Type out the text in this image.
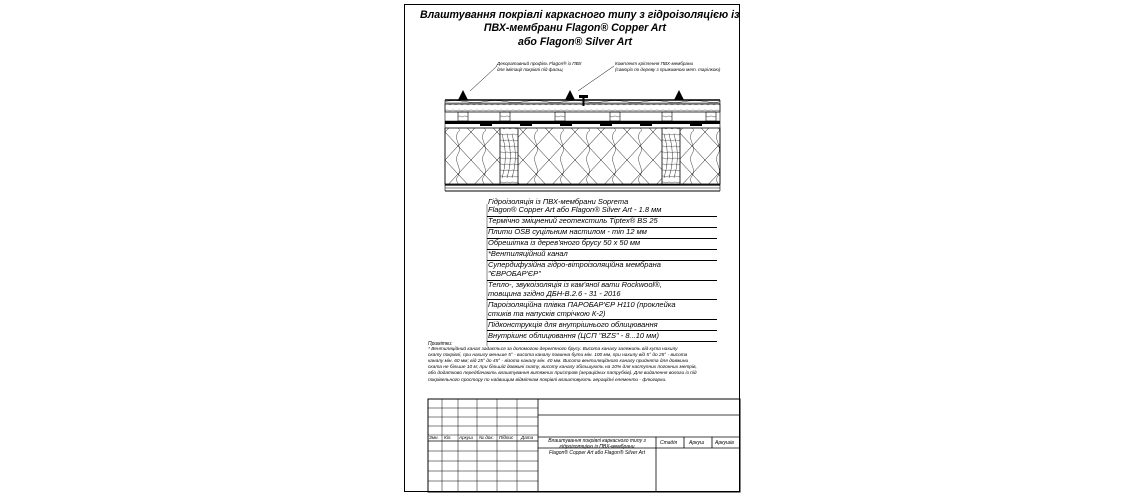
Влаштування покрівлі каркасного типу з гідроізоляцією із
ПВХ-мембрани Flagon® Copper Art
або Flagon® Silver Art
Декоративний профіль Flagon® із ПВХ
для імітації покрівлі під фальц
Комплект кріплення ПВХ-мембрани
(саморіз по дереву з прижимною мет. тарілкою)
Гідроізоляція із ПВХ-мембрани Soprema
Flagon® Copper Art або Flagon® Silver Art - 1.8 мм
Термічно зміцнений геотекстиль Tiptex® BS 25
Плити OSB суцільним настилом - min 12 мм
Обрешітка із дерев'яного брусу 50 х 50 мм
*Вентиляційний канал
Супердифузійна гідро-вітроізоляційна мембрана
"ЄВРОБАР'ЄР"
Тепло-, звукоізоляція із кам'яної вати Rockwool®,
товщина згідно ДБН-В.2.6 - 31 - 2016
Пароізоляційна плівка ПАРОБАР'ЄР Н110 (проклейка
стиків та напусків стрічкою К-2)
Підконструкція для внутрішнього облицювання
Внутрішнє облицювання (ЦСП "BZS" - 8...10 мм)

Примітки:

* Вентиляційний канал задається за допомогою дерев'яного брусу. Висота каналу залежить від кута нахилу

скату покрівлі, при нахилу меньше 5° - висота каналу повинна бути мін. 100 мм, при нахилу від 5° до 25° - висота

каналу мін. 60 мм; від 25° до 45° - візота каналу мін. 40 мм. Висота вентиляційного каналу прийнята для довжини

ската не більше 10 м; при більшій довжині скату, висоту каналу збільшують на 10% для наступних погонних метрів,

або додатково передбачають влаштування витяжних пристроїв (аераційних патрубків). Для видалення вологи із під

покрівельного простору по найвищим відміткам покрівлі влаштовують аераційні елементи - флюгарки.

Змн. Кіл. Аркуш № док. Підпис Дата
Влаштування покрівлі каркасного типу з
гідроізоляцією із ПВХ-мембрани
Flagon® Copper Art або Flagon® Silver Art
Стадія Аркуш Аркушів
